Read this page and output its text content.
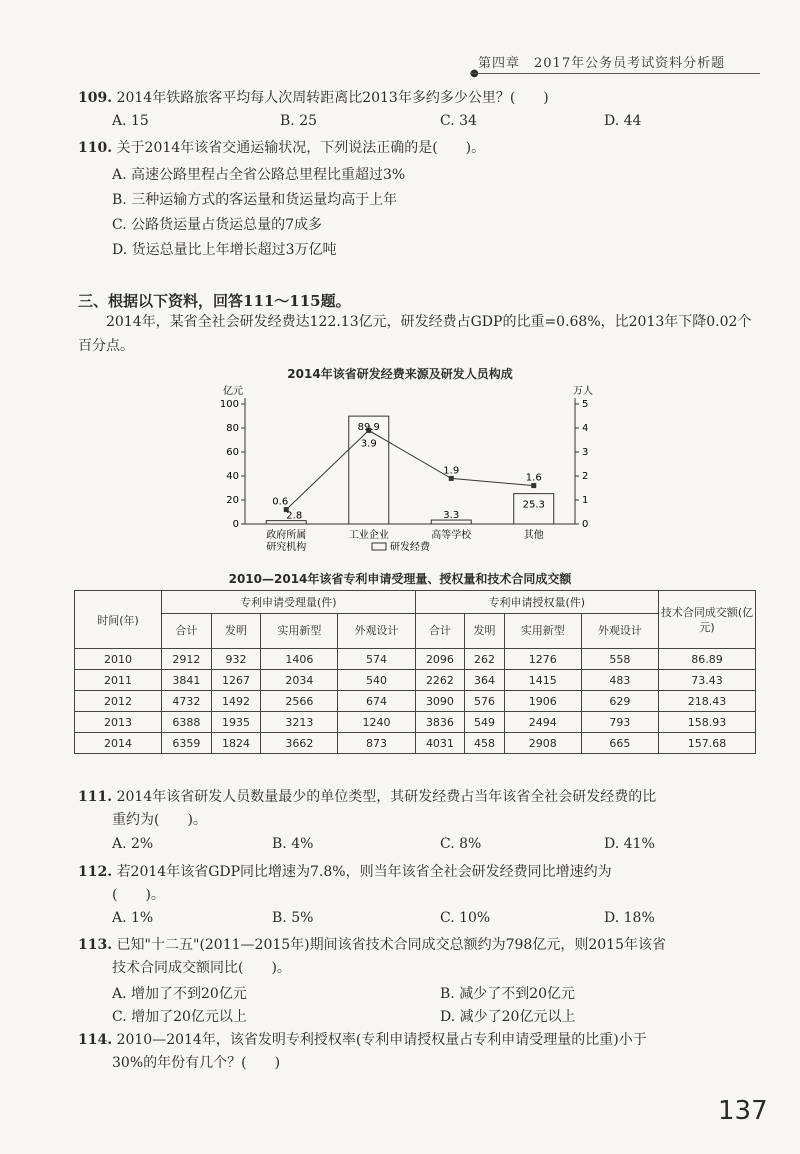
●
第四章　2017年公务员考试资料分析题
109. 2014年铁路旅客平均每人次周转距离比2013年多约多少公里？(　　)
A. 15	B. 25	C. 34	D. 44
110. 关于2014年该省交通运输状况，下列说法正确的是(　　)。
A. 高速公路里程占全省公路总里程比重超过3%
B. 三种运输方式的客运量和货运量均高于上年
C. 公路货运量占货运总量的7成多
D. 货运总量比上年增长超过3万亿吨
三、根据以下资料，回答111～115题。
2014年，某省全社会研发经费达122.13亿元，研发经费占GDP的比重=0.68%，比2013年下降0.02个百分点。
2014年该省研发经费来源及研发人员构成
亿元	万人
0
20
40
60
80
100
0
1
2
3
4
5
2.8
89.9
3.3
25.3
0.6
3.9
1.9
1.6
政府所属
研究机构
工业企业	高等学校	其他
研发经费
2010—2014年该省专利申请受理量、授权量和技术合同成交额
时间(年)	专利申请受理量(件)				专利申请授权量(件)				技术合同成交额(亿元)
	合计	发明	实用新型	外观设计	合计	发明	实用新型	外观设计	
2010	2912	932	1406	574	2096	262	1276	558	86.89
2011	3841	1267	2034	540	2262	364	1415	483	73.43
2012	4732	1492	2566	674	3090	576	1906	629	218.43
2013	6388	1935	3213	1240	3836	549	2494	793	158.93
2014	6359	1824	3662	873	4031	458	2908	665	157.68
111. 2014年该省研发人员数量最少的单位类型，其研发经费占当年该省全社会研发经费的比
重约为(　　)。
A. 2%	B. 4%	C. 8%	D. 41%
112. 若2014年该省GDP同比增速为7.8%，则当年该省全社会研发经费同比增速约为
(　　)。
A. 1%	B. 5%	C. 10%	D. 18%
113. 已知"十二五"(2011—2015年)期间该省技术合同成交总额约为798亿元，则2015年该省
技术合同成交额同比(　　)。
A. 增加了不到20亿元	B. 减少了不到20亿元
C. 增加了20亿元以上	D. 减少了20亿元以上
114. 2010—2014年，该省发明专利授权率(专利申请授权量占专利申请受理量的比重)小于
30%的年份有几个？(　　)
137
